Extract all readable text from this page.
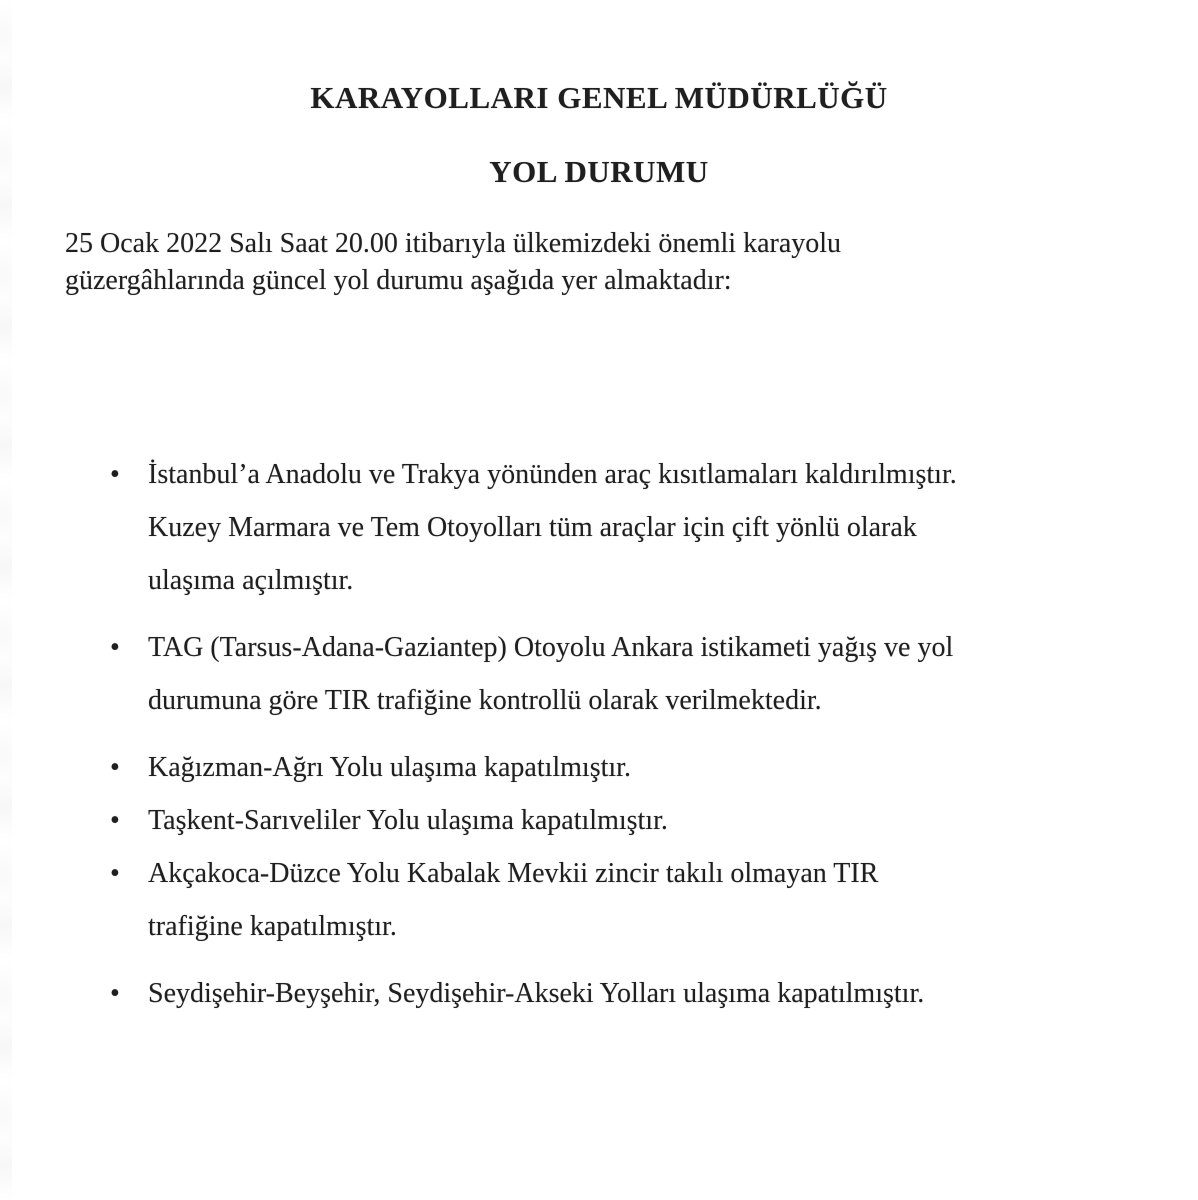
KARAYOLLARI GENEL MÜDÜRLÜĞÜ
YOL DURUMU
25 Ocak 2022 Salı Saat 20.00 itibarıyla ülkemizdeki önemli karayolu
güzergâhlarında güncel yol durumu aşağıda yer almaktadır:
• İstanbul’a Anadolu ve Trakya yönünden araç kısıtlamaları kaldırılmıştır.
Kuzey Marmara ve Tem Otoyolları tüm araçlar için çift yönlü olarak
ulaşıma açılmıştır.
• TAG (Tarsus-Adana-Gaziantep) Otoyolu Ankara istikameti yağış ve yol
durumuna göre TIR trafiğine kontrollü olarak verilmektedir.
• Kağızman-Ağrı Yolu ulaşıma kapatılmıştır.
• Taşkent-Sarıveliler Yolu ulaşıma kapatılmıştır.
• Akçakoca-Düzce Yolu Kabalak Mevkii zincir takılı olmayan TIR
trafiğine kapatılmıştır.
• Seydişehir-Beyşehir, Seydişehir-Akseki Yolları ulaşıma kapatılmıştır.
